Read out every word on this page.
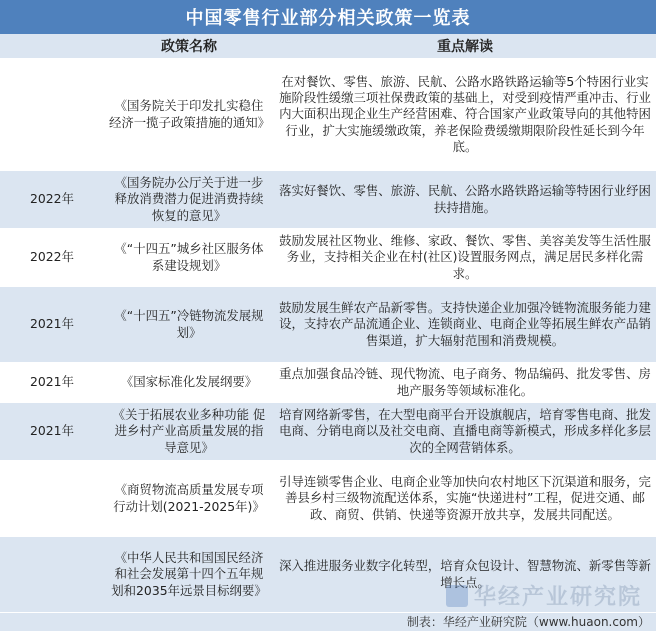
中国零售行业部分相关政策一览表
	政策名称	重点解读
	《国务院关于印发扎实稳住经济一揽子政策措施的通知》	在对餐饮、零售、旅游、民航、公路水路铁路运输等5个特困行业实施阶段性缓缴三项社保费政策的基础上，对受到疫情严重冲击、行业内大面积出现企业生产经营困难、符合国家产业政策导向的其他特困行业，扩大实施缓缴政策，养老保险费缓缴期限阶段性延长到今年底。
2022年	《国务院办公厅关于进一步释放消费潜力促进消费持续恢复的意见》	落实好餐饮、零售、旅游、民航、公路水路铁路运输等特困行业纾困扶持措施。
2022年	《“十四五”城乡社区服务体系建设规划》	鼓励发展社区物业、维修、家政、餐饮、零售、美容美发等生活性服务业，支持相关企业在村(社区)设置服务网点，满足居民多样化需求。
2021年	《“十四五”冷链物流发展规划》	鼓励发展生鲜农产品新零售。支持快递企业加强冷链物流服务能力建设，支持农产品流通企业、连锁商业、电商企业等拓展生鲜农产品销售渠道，扩大辐射范围和消费规模。
2021年	《国家标准化发展纲要》	重点加强食品冷链、现代物流、电子商务、物品编码、批发零售、房地产服务等领域标准化。
2021年	《关于拓展农业多种功能 促进乡村产业高质量发展的指导意见》	培育网络新零售，在大型电商平台开设旗舰店，培育零售电商、批发电商、分销电商以及社交电商、直播电商等新模式，形成多样化多层次的全网营销体系。
	《商贸物流高质量发展专项行动计划(2021-2025年)》	引导连锁零售企业、电商企业等加快向农村地区下沉渠道和服务，完善县乡村三级物流配送体系，实施“快递进村”工程，促进交通、邮政、商贸、供销、快递等资源开放共享，发展共同配送。
	《中华人民共和国国民经济和社会发展第十四个五年规划和2035年远景目标纲要》	深入推进服务业数字化转型，培育众包设计、智慧物流、新零售等新增长点。
制表：华经产业研究院（www.huaon.com）		
华经产业研究院
